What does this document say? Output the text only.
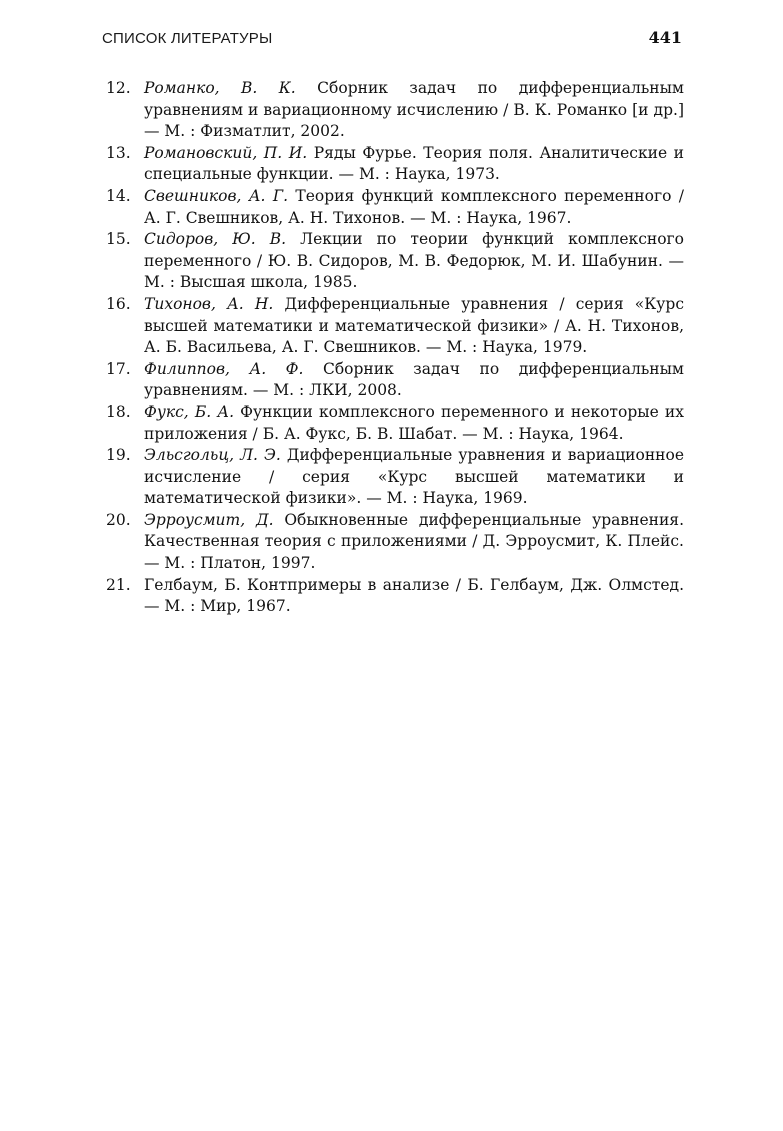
СПИСОК ЛИТЕРАТУРЫ	441
12. Романко, В. К. Сборник задач по дифференциальным уравнениям и вариационному исчислению / В. К. Романко [и др.] — М. : Физматлит, 2002.
13. Романовский, П. И. Ряды Фурье. Теория поля. Аналитические и специальные функции. — М. : Наука, 1973.
14. Свешников, А. Г. Теория функций комплексного переменного / А. Г. Свешников, А. Н. Тихонов. — М. : Наука, 1967.
15. Сидоров, Ю. В. Лекции по теории функций комплексного переменного / Ю. В. Сидоров, М. В. Федорюк, М. И. Шабунин. — М. : Высшая школа, 1985.
16. Тихонов, А. Н. Дифференциальные уравнения / серия «Курс высшей математики и математической физики» / А. Н. Тихонов, А. Б. Васильева, А. Г. Свешников. — М. : Наука, 1979.
17. Филиппов, А. Ф. Сборник задач по дифференциальным уравнениям. — М. : ЛКИ, 2008.
18. Фукс, Б. А. Функции комплексного переменного и некоторые их приложения / Б. А. Фукс, Б. В. Шабат. — М. : Наука, 1964.
19. Эльсгольц, Л. Э. Дифференциальные уравнения и вариационное исчисление / серия «Курс высшей математики и математической физики». — М. : Наука, 1969.
20. Эрроусмит, Д. Обыкновенные дифференциальные уравнения. Качественная теория с приложениями / Д. Эрроусмит, К. Плейс. — М. : Платон, 1997.
21. Гелбаум, Б. Контпримеры в анализе / Б. Гелбаум, Дж. Олмстед. — М. : Мир, 1967.
